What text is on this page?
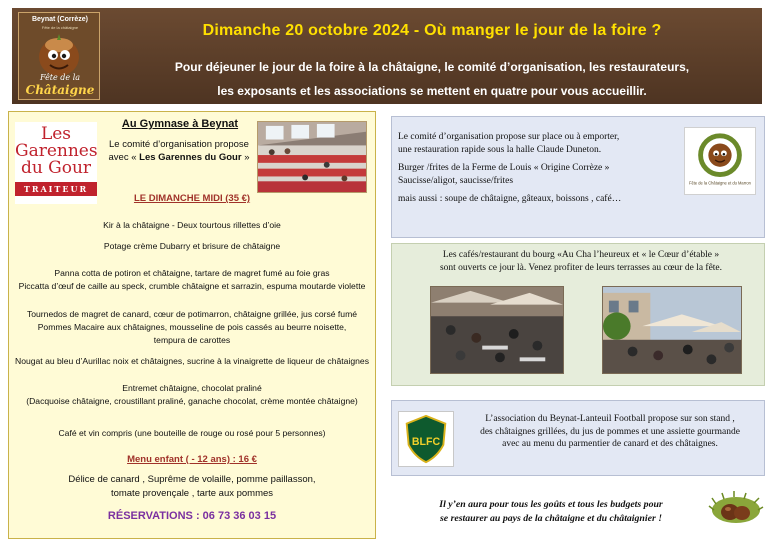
Beynat (Corrèze)
Fête de la châtaigne
Fête de la
Châtaigne
Dimanche 20 octobre 2024 - Où manger le jour de la foire ?
Pour déjeuner le jour de la foire à la châtaigne, le comité d’organisation, les restaurateurs,
les exposants et les associations se mettent en quatre pour vous accueillir.
Les
Garennes
du Gour
TRAITEUR
Au Gymnase à Beynat
Le comité d’organisation propose
avec « Les Garennes du Gour »
LE DIMANCHE MIDI (35 €)
Kir à la châtaigne - Deux tourtous rillettes d’oie
Potage crème Dubarry et brisure de châtaigne
Panna cotta de potiron et châtaigne, tartare de magret fumé au foie gras
Piccatta d’œuf de caille au speck, crumble châtaigne et sarrazin, espuma moutarde violette
Tournedos de magret de canard, cœur de potimarron, châtaigne grillée, jus corsé fumé
Pommes Macaire aux châtaignes, mousseline de pois cassés au beurre noisette,
tempura de carottes
Nougat au bleu d’Aurillac noix et châtaignes, sucrine à la vinaigrette de liqueur de châtaignes
Entremet châtaigne, chocolat praliné
(Dacquoise châtaigne, croustillant praliné, ganache chocolat, crème montée châtaigne)
Café et vin compris (une bouteille de rouge ou rosé pour 5 personnes)
Menu enfant ( - 12 ans) : 16 €
Délice de canard , Suprême de volaille, pomme paillasson,
tomate provençale , tarte aux pommes
RÉSERVATIONS : 06 73 36 03 15

Le comité d’organisation propose sur place ou à emporter,
une restauration rapide sous la halle Claude Duneton.

Burger /frites de la Ferme de Louis « Origine Corrèze »
Saucisse/aligot, saucisse/frites

mais aussi : soupe de châtaigne, gâteaux, boissons , café…

Fête de la Châtaigne et du Marron
Les cafés/restaurant du bourg «Au Cha l’heureux et « le Cœur d’étable »
sont ouverts ce jour là. Venez profiter de leurs terrasses au cœur de la fête.
BLFC
L’association du Beynat-Lanteuil Football propose sur son stand ,
des châtaignes grillées, du jus de pommes et une assiette gourmande
avec au menu du parmentier de canard et des châtaignes.
Il y’en aura pour tous les goûts et tous les budgets pour
se restaurer au pays de la châtaigne et du châtaignier !
